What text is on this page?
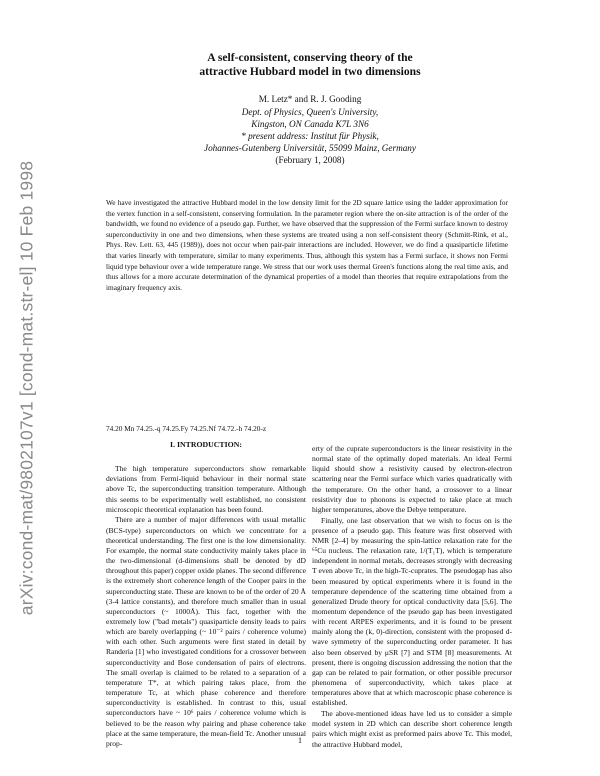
arXiv:cond-mat/9802107v1 [cond-mat.str-el] 10 Feb 1998
A self-consistent, conserving theory of the
attractive Hubbard model in two dimensions
M. Letz* and R. J. Gooding
Dept. of Physics, Queen's University,
Kingston, ON Canada K7L 3N6
* present address: Institut für Physik,
Johannes-Gutenberg Universität, 55099 Mainz, Germany
(February 1, 2008)

We have investigated the attractive Hubbard model in the low density limit for the 2D square lattice using the ladder approximation for the vertex function in a self-consistent, conserving formulation. In the parameter region where the on-site attraction is of the order of the bandwidth, we found no evidence of a pseudo gap. Further, we have observed that the suppression of the Fermi surface known to destroy superconductivity in one and two dimensions, when these systems are treated using a non self-consistent theory (Schmitt-Rink, et al., Phys. Rev. Lett. 63, 445 (1989)), does not occur when pair-pair interactions are included. However, we do find a quasiparticle lifetime that varies linearly with temperature, similar to many experiments. Thus, although this system has a Fermi surface, it shows non Fermi liquid type behaviour over a wide temperature range. We stress that our work uses thermal Green's functions along the real time axis, and thus allows for a more accurate determination of the dynamical properties of a model than theories that require extrapolations from the imaginary frequency axis.

74.20 Mn 74.25.-q 74.25.Fy 74.25.Nf 74.72.-h 74.20-z
I. INTRODUCTION:

The high temperature superconductors show remarkable deviations from Fermi-liquid behaviour in their normal state above Tc, the superconducting transition temperature. Although this seems to be experimentally well established, no consistent microscopic theoretical explanation has been found.

There are a number of major differences with usual metallic (BCS-type) superconductors on which we concentrate for a theoretical understanding. The first one is the low dimensionality. For example, the normal state conductivity mainly takes place in the two-dimensional (d-dimensions shall be denoted by dD throughout this paper) copper oxide planes. The second difference is the extremely short coherence length of the Cooper pairs in the superconducting state. These are known to be of the order of 20 Å (3-4 lattice constants), and therefore much smaller than in usual superconductors (~ 1000Å). This fact, together with the extremely low ("bad metals") quasiparticle density leads to pairs which are barely overlapping (~ 10⁻² pairs / coherence volume) with each other. Such arguments were first stated in detail by Randeria [1] who investigated conditions for a crossover between superconductivity and Bose condensation of pairs of electrons. The small overlap is claimed to be related to a separation of a temperature T*, at which pairing takes place, from the temperature Tc, at which phase coherence and therefore superconductivity is established. In contrast to this, usual superconductors have ~ 10⁶ pairs / coherence volume which is believed to be the reason why pairing and phase coherence take place at the same temperature, the mean-field Tc. Another unusual prop-

erty of the cuprate superconductors is the linear resistivity in the normal state of the optimally doped materials. An ideal Fermi liquid should show a resistivity caused by electron-electron scattering near the Fermi surface which varies quadratically with the temperature. On the other hand, a crossover to a linear resistivity due to phonons is expected to take place at much higher temperatures, above the Debye temperature.

Finally, one last observation that we wish to focus on is the presence of a pseudo gap. This feature was first observed with NMR [2–4] by measuring the spin-lattice relaxation rate for the ⁶⁵Cu nucleus. The relaxation rate, 1/(T₁T), which is temperature independent in normal metals, decreases strongly with decreasing T even above Tc, in the high-Tc-cuprates. The pseudogap has also been measured by optical experiments where it is found in the temperature dependence of the scattering time obtained from a generalized Drude theory for optical conductivity data [5,6]. The momentum dependence of the pseudo gap has been investigated with recent ARPES experiments, and it is found to be present mainly along the (k, 0)-direction, consistent with the proposed d-wave symmetry of the superconducting order parameter. It has also been observed by μSR [7] and STM [8] measurements. At present, there is ongoing discussion addressing the notion that the gap can be related to pair formation, or other possible precursor phenomena of superconductivity, which takes place at temperatures above that at which macroscopic phase coherence is established.

The above-mentioned ideas have led us to consider a simple model system in 2D which can describe short coherence length pairs which might exist as preformed pairs above Tc. This model, the attractive Hubbard model,

1
